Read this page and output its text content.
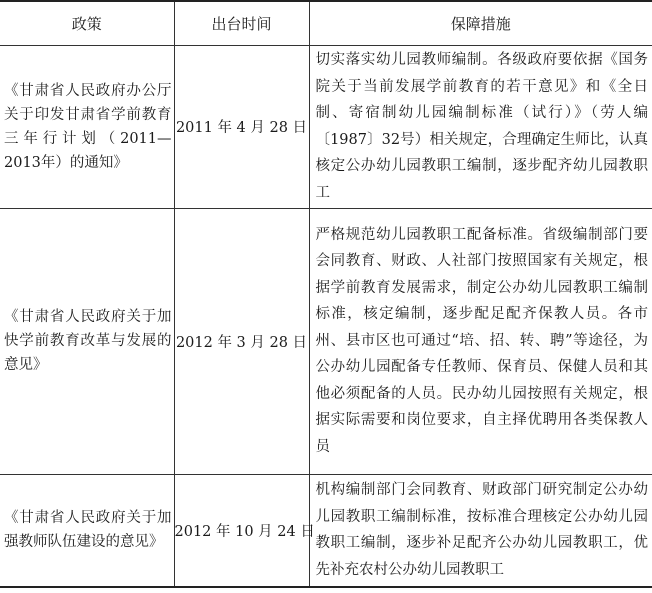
政策	出台时间	保障措施
《甘肃省人民政府办公厅关于印发甘肃省学前教育三年行计划（2011—2013年）的通知》	2011 年 4 月 28 日	切实落实幼儿园教师编制。各级政府要依据《国务院关于当前发展学前教育的若干意见》和《全日制、寄宿制幼儿园编制标准（试行）》（劳人编〔1987〕32号）相关规定，合理确定生师比，认真核定公办幼儿园教职工编制，逐步配齐幼儿园教职工
《甘肃省人民政府关于加快学前教育改革与发展的意见》	2012 年 3 月 28 日	严格规范幼儿园教职工配备标准。省级编制部门要会同教育、财政、人社部门按照国家有关规定，根据学前教育发展需求，制定公办幼儿园教职工编制标准，核定编制，逐步配足配齐保教人员。各市州、县市区也可通过“培、招、转、聘”等途径，为公办幼儿园配备专任教师、保育员、保健人员和其他必须配备的人员。民办幼儿园按照有关规定，根据实际需要和岗位要求，自主择优聘用各类保教人员
《甘肃省人民政府关于加强教师队伍建设的意见》	2012 年 10 月 24 日	机构编制部门会同教育、财政部门研究制定公办幼儿园教职工编制标准，按标准合理核定公办幼儿园教职工编制，逐步补足配齐公办幼儿园教职工，优先补充农村公办幼儿园教职工
